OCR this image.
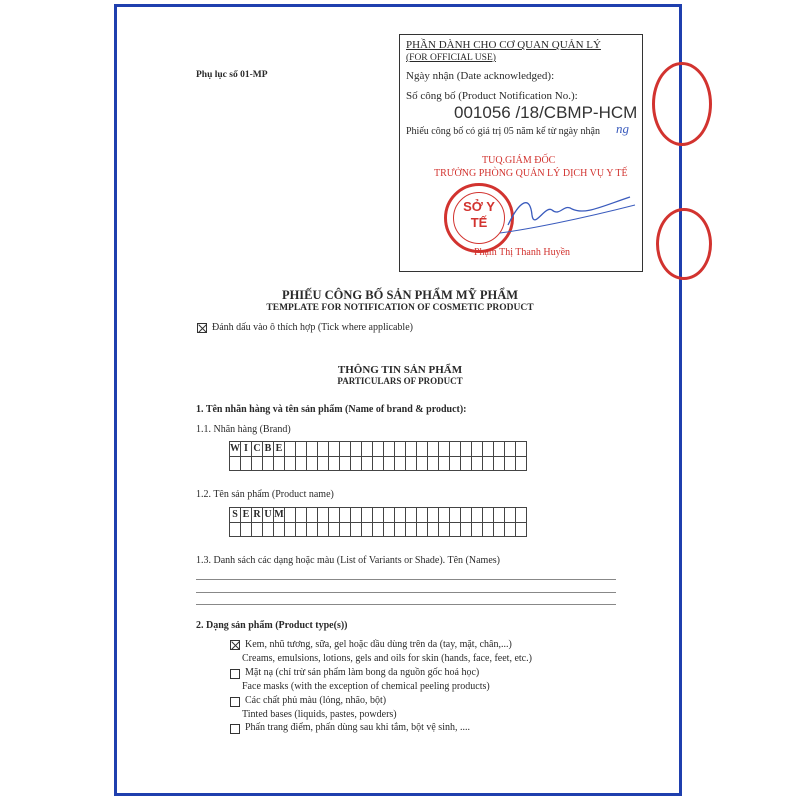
Phụ lục số 01-MP
PHẦN DÀNH CHO CƠ QUAN QUẢN LÝ
(FOR OFFICIAL USE)
Ngày nhận (Date acknowledged):
Số công bố (Product Notification No.):
001056 /18/CBMP-HCM
Phiếu công bố có giá trị 05 năm kể từ ngày nhận ng
TUQ.GIÁM ĐỐC
TRƯỞNG PHÒNG QUẢN LÝ DỊCH VỤ Y TẾ
SỞ Y TẾ
Phạm Thị Thanh Huyền
PHIẾU CÔNG BỐ SẢN PHẨM MỸ PHẨM
TEMPLATE FOR NOTIFICATION OF COSMETIC PRODUCT
Đánh dấu vào ô thích hợp (Tick where applicable)
THÔNG TIN SẢN PHẨM
PARTICULARS OF PRODUCT
1. Tên nhãn hàng và tên sản phẩm (Name of brand & product):
1.1. Nhãn hàng (Brand)
W	I	C	B	E																						

1.2. Tên sản phẩm (Product name)
S	E	R	U	M																						

1.3. Danh sách các dạng hoặc màu (List of Variants or Shade). Tên (Names)
2. Dạng sản phẩm (Product type(s))
Kem, nhũ tương, sữa, gel hoặc dầu dùng trên da (tay, mặt, chân,...)
Creams, emulsions, lotions, gels and oils for skin (hands, face, feet, etc.)
Mặt nạ (chỉ trừ sản phẩm làm bong da nguồn gốc hoá học)
Face masks (with the exception of chemical peeling products)
Các chất phủ màu (lỏng, nhão, bột)
Tinted bases (liquids, pastes, powders)
Phấn trang điểm, phấn dùng sau khi tắm, bột vệ sinh, ....
